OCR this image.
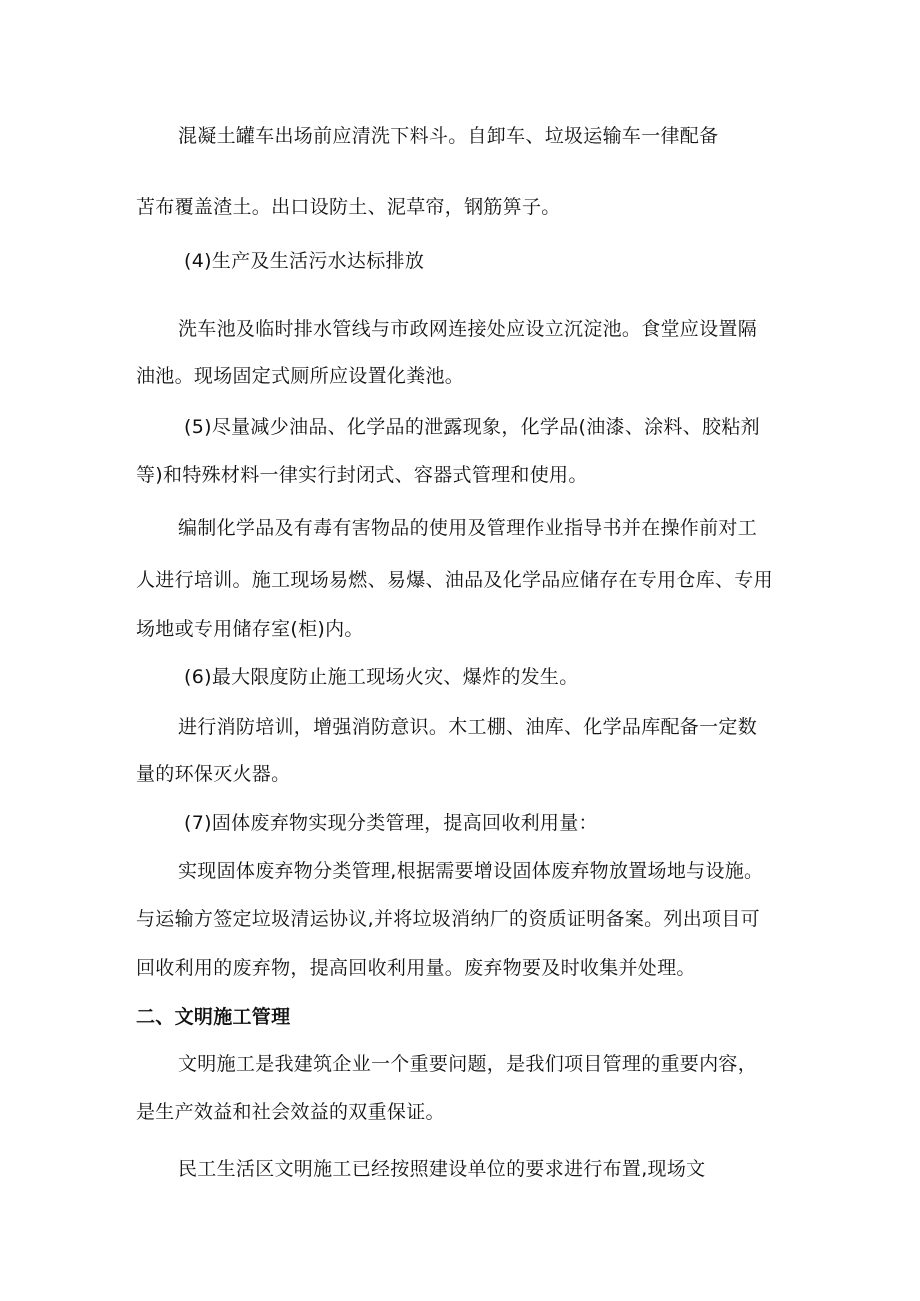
混凝土罐车出场前应清洗下料斗。自卸车、垃圾运输车一律配备
苫布覆盖渣土。出口设防土、泥草帘，钢筋箅子。
(4)生产及生活污水达标排放
洗车池及临时排水管线与市政网连接处应设立沉淀池。食堂应设置隔
油池。现场固定式厕所应设置化粪池。
(5)尽量减少油品、化学品的泄露现象，化学品(油漆、涂料、胶粘剂
等)和特殊材料一律实行封闭式、容器式管理和使用。
编制化学品及有毒有害物品的使用及管理作业指导书并在操作前对工
人进行培训。施工现场易燃、易爆、油品及化学品应储存在专用仓库、专用
场地或专用储存室(柜)内。
(6)最大限度防止施工现场火灾、爆炸的发生。
进行消防培训，增强消防意识。木工棚、油库、化学品库配备一定数
量的环保灭火器。
(7)固体废弃物实现分类管理，提高回收利用量：
实现固体废弃物分类管理,根据需要增设固体废弃物放置场地与设施。
与运输方签定垃圾清运协议,并将垃圾消纳厂的资质证明备案。列出项目可
回收利用的废弃物，提高回收利用量。废弃物要及时收集并处理。
二、文明施工管理
文明施工是我建筑企业一个重要问题，是我们项目管理的重要内容，
是生产效益和社会效益的双重保证。
民工生活区文明施工已经按照建设单位的要求进行布置,现场文
